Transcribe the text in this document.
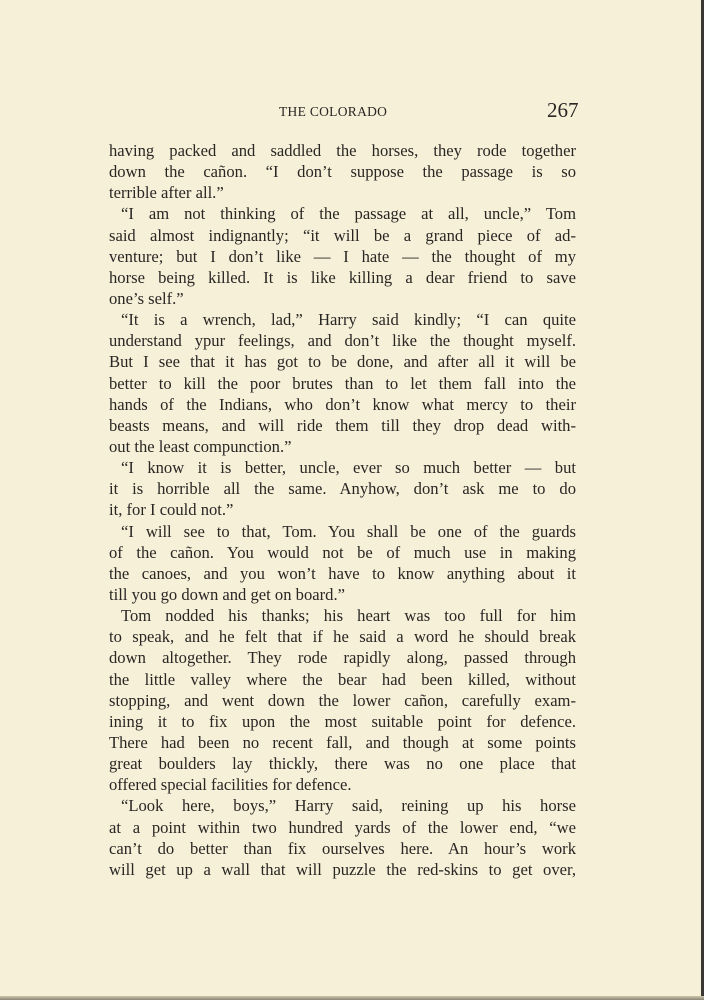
THE COLORADO	267
having packed and saddled the horses, they rode together
down the cañon. “I don’t suppose the passage is so
terrible after all.”
“I am not thinking of the passage at all, uncle,” Tom
said almost indignantly; “it will be a grand piece of ad-
venture; but I don’t like — I hate — the thought of my
horse being killed. It is like killing a dear friend to save
one’s self.”
“It is a wrench, lad,” Harry said kindly; “I can quite
understand ypur feelings, and don’t like the thought myself.
But I see that it has got to be done, and after all it will be
better to kill the poor brutes than to let them fall into the
hands of the Indians, who don’t know what mercy to their
beasts means, and will ride them till they drop dead with-
out the least compunction.”
“I know it is better, uncle, ever so much better — but
it is horrible all the same. Anyhow, don’t ask me to do
it, for I could not.”
“I will see to that, Tom. You shall be one of the guards
of the cañon. You would not be of much use in making
the canoes, and you won’t have to know anything about it
till you go down and get on board.”
Tom nodded his thanks; his heart was too full for him
to speak, and he felt that if he said a word he should break
down altogether. They rode rapidly along, passed through
the little valley where the bear had been killed, without
stopping, and went down the lower cañon, carefully exam-
ining it to fix upon the most suitable point for defence.
There had been no recent fall, and though at some points
great boulders lay thickly, there was no one place that
offered special facilities for defence.
“Look here, boys,” Harry said, reining up his horse
at a point within two hundred yards of the lower end, “we
can’t do better than fix ourselves here. An hour’s work
will get up a wall that will puzzle the red-skins to get over,
